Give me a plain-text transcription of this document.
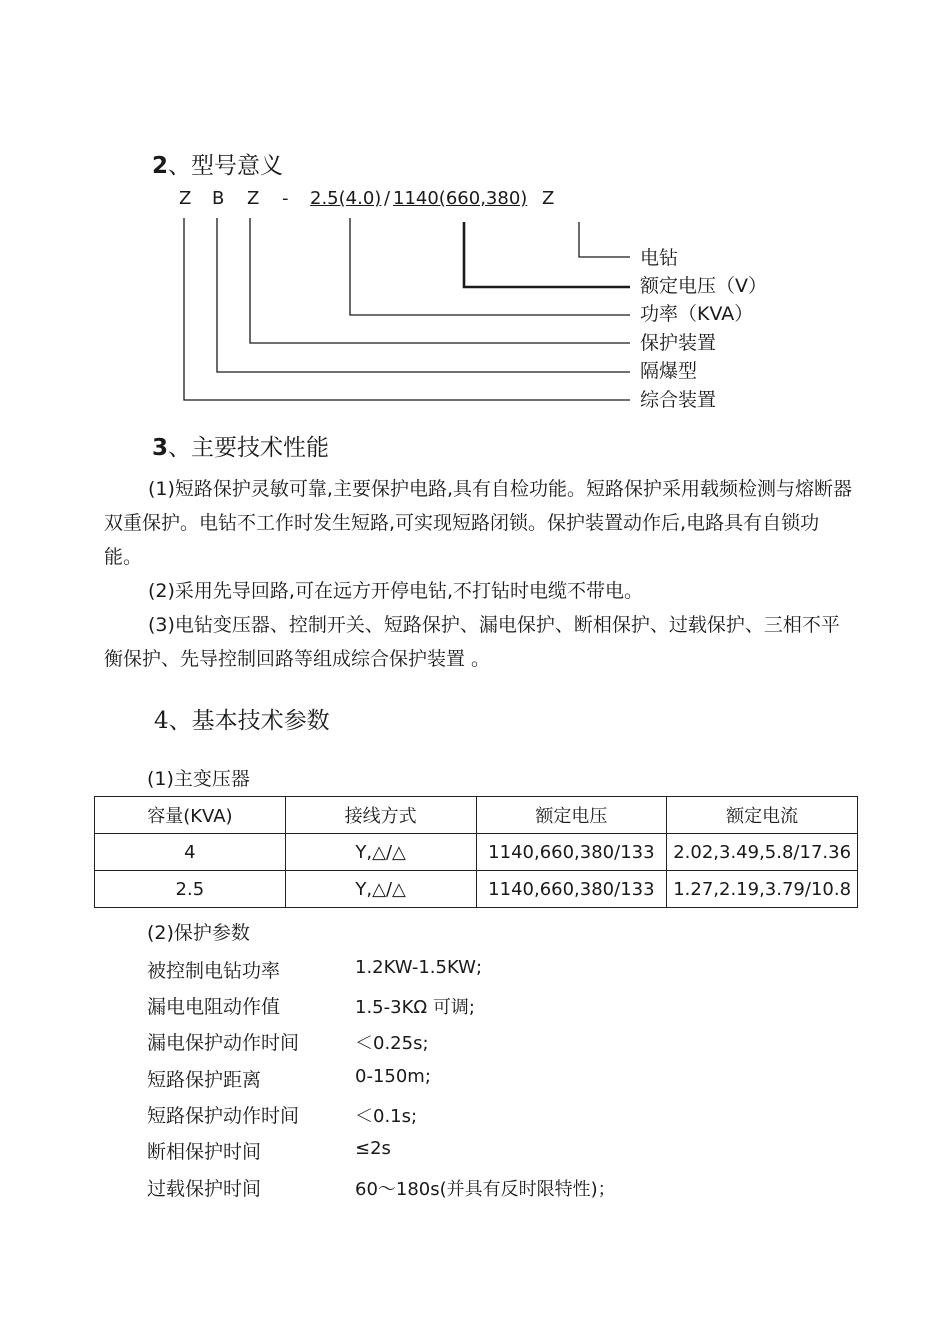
2、型号意义
Z B Z - 2.5(4.0) / 1140(660,380) Z
电钻
额定电压（V）
功率（KVA）
保护装置
隔爆型
综合装置
3、主要技术性能

(1)短路保护灵敏可靠,主要保护电路,具有自检功能。短路保护采用载频检测与熔断器双重保护。电钻不工作时发生短路,可实现短路闭锁。保护装置动作后,电路具有自锁功能。

(2)采用先导回路,可在远方开停电钻,不打钻时电缆不带电。

(3)电钻变压器、控制开关、短路保护、漏电保护、断相保护、过载保护、三相不平衡保护、先导控制回路等组成综合保护装置 。

4、基本技术参数
(1)主变压器
容量(KVA)	接线方式	额定电压	额定电流
4	Y,△/△	1140,660,380/133	2.02,3.49,5.8/17.36
2.5	Y,△/△	1140,660,380/133	1.27,2.19,3.79/10.8
(2)保护参数
被控制电钻功率	1.2KW-1.5KW;
漏电电阻动作值	1.5-3KΩ 可调;
漏电保护动作时间	＜0.25s;
短路保护距离	0-150m;
短路保护动作时间	＜0.1s;
断相保护时间	≤2s
过载保护时间	60～180s(并具有反时限特性)；
